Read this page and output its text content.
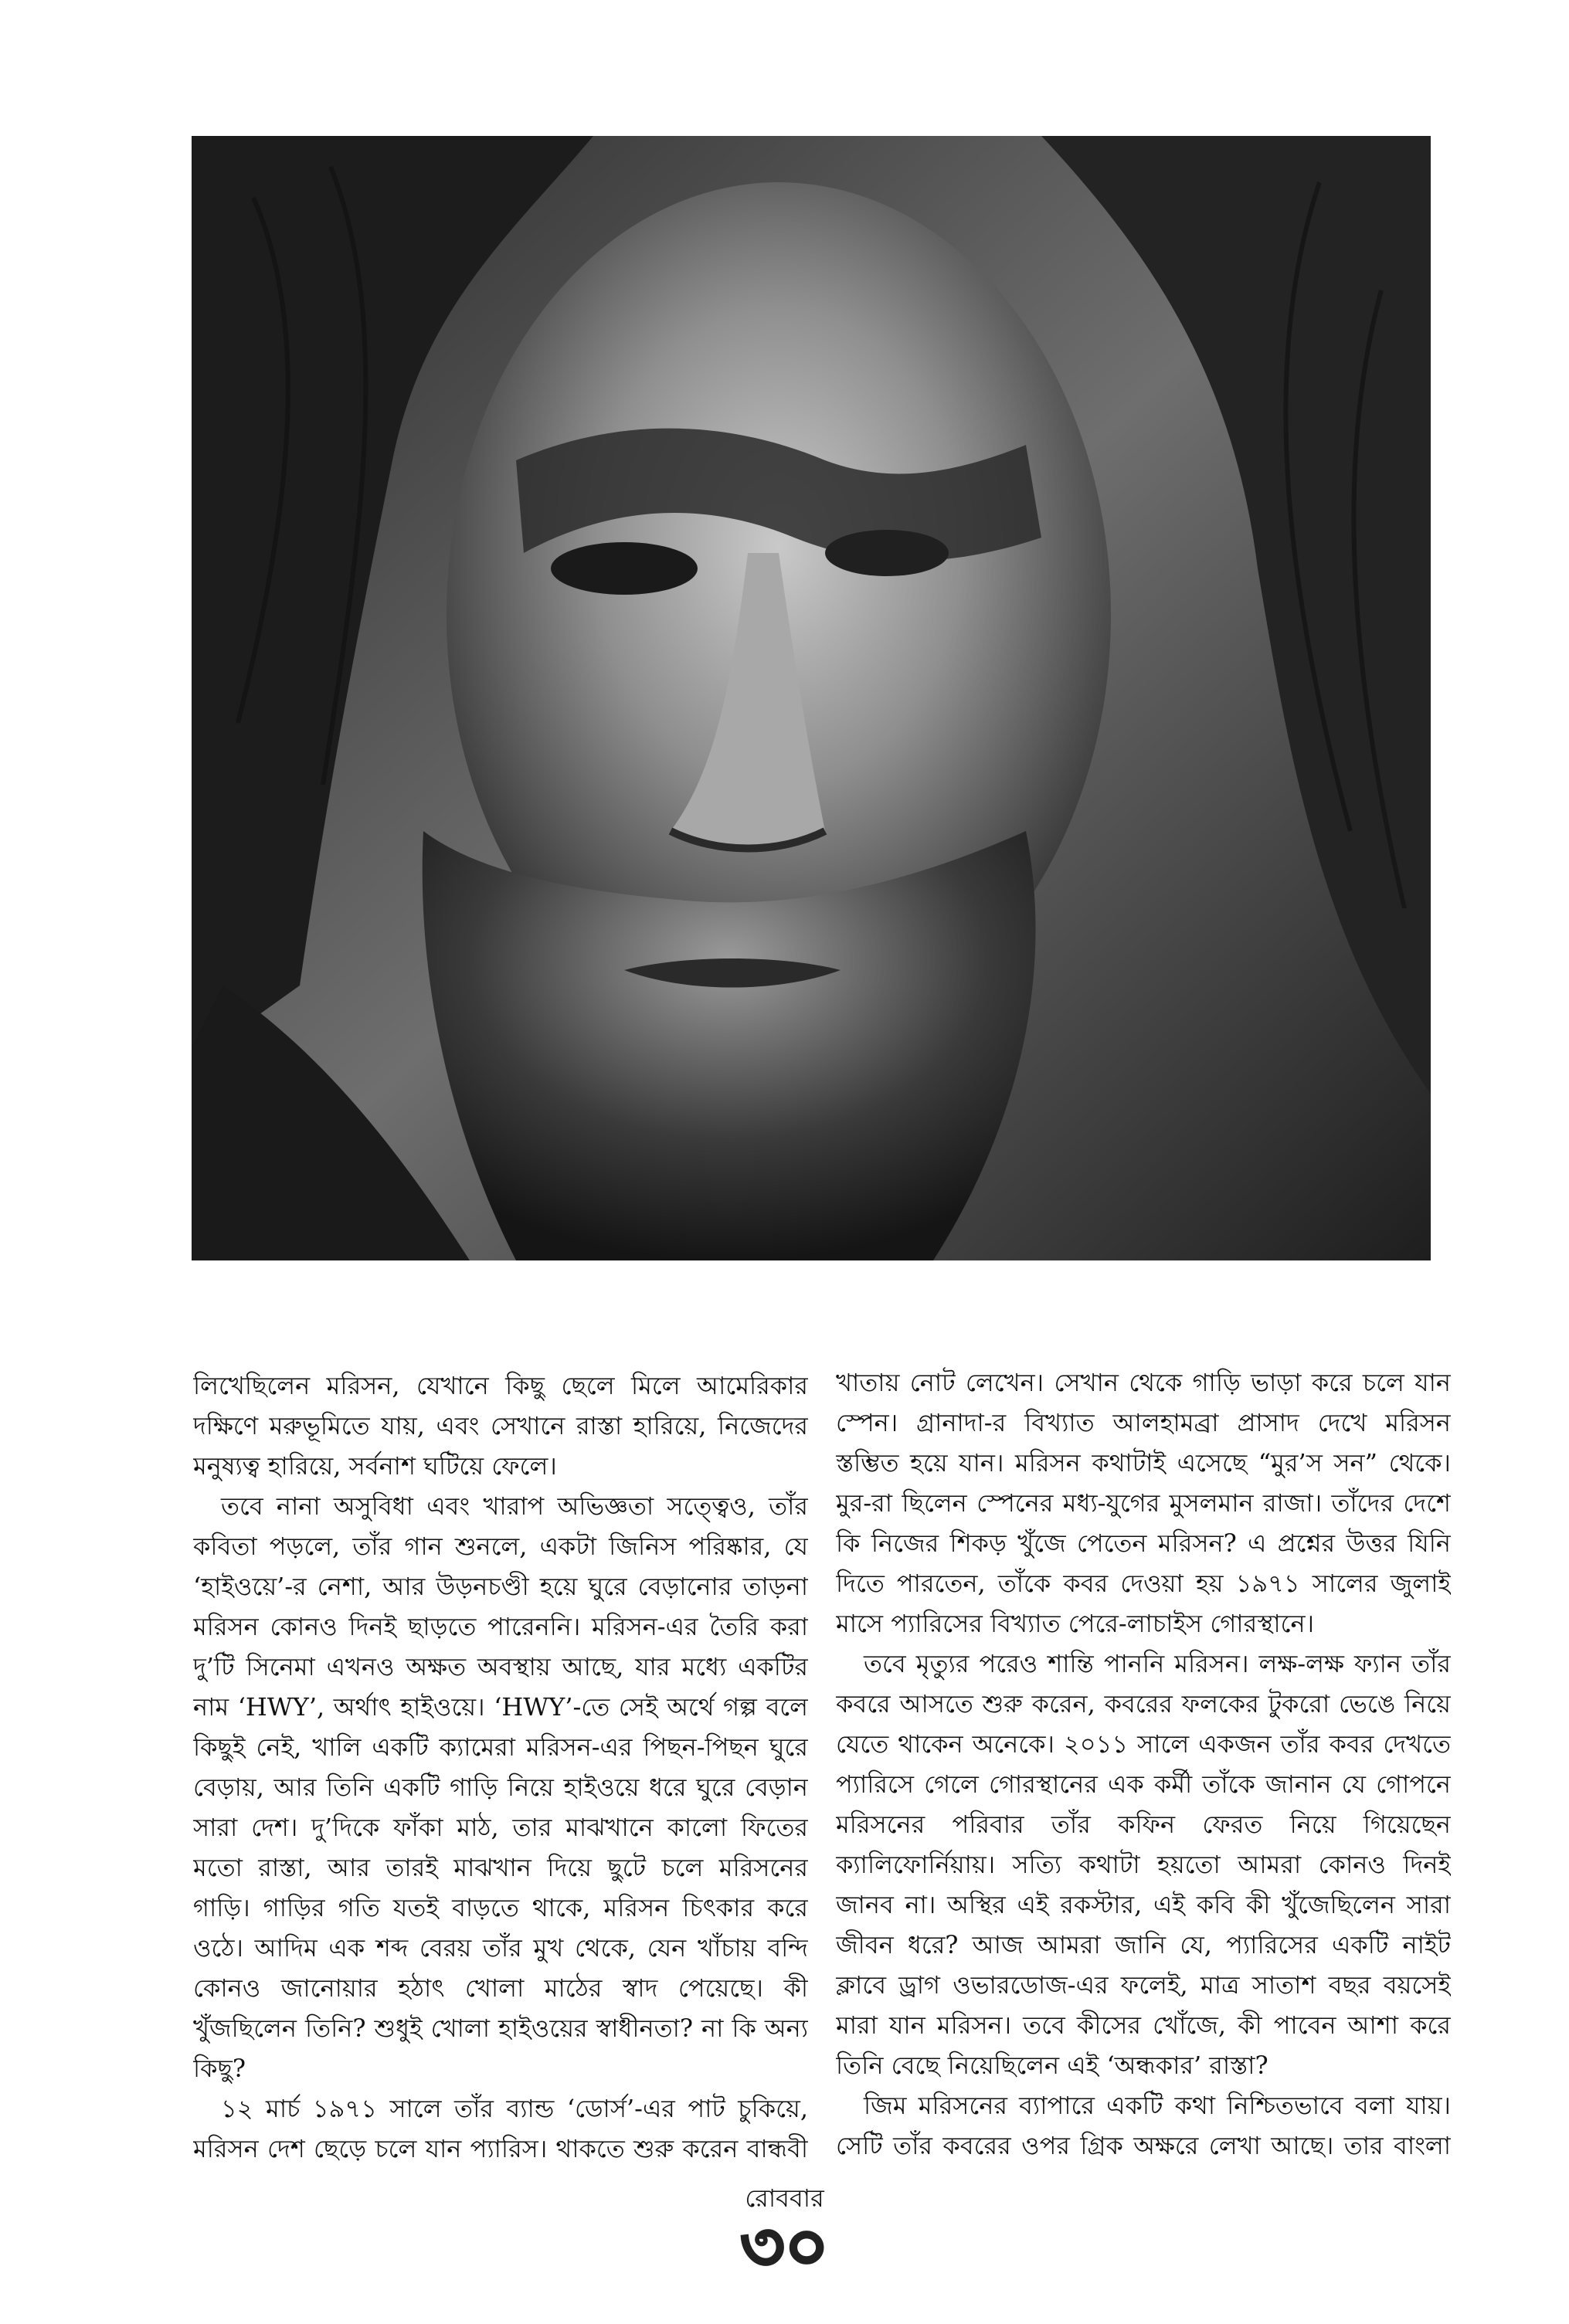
লিখেছিলেন মরিসন, যেখানে কিছু ছেলে মিলে আমেরিকার দক্ষিণে মরুভূমিতে যায়, এবং সেখানে রাস্তা হারিয়ে, নিজেদের মনুষ্যত্ব হারিয়ে, সর্বনাশ ঘটিয়ে ফেলে।

তবে নানা অসুবিধা এবং খারাপ অভিজ্ঞতা সত্ত্বেও, তাঁর কবিতা পড়লে, তাঁর গান শুনলে, একটা জিনিস পরিষ্কার, যে ‘হাইওয়ে’-র নেশা, আর উড়নচণ্ডী হয়ে ঘুরে বেড়ানোর তাড়না মরিসন কোনও দিনই ছাড়তে পারেননি। মরিসন-এর তৈরি করা দু’টি সিনেমা এখনও অক্ষত অবস্থায় আছে, যার মধ্যে একটির নাম ‘HWY’, অর্থাৎ হাইওয়ে। ‘HWY’-তে সেই অর্থে গল্প বলে কিছুই নেই, খালি একটি ক্যামেরা মরিসন-এর পিছন-পিছন ঘুরে বেড়ায়, আর তিনি একটি গাড়ি নিয়ে হাইওয়ে ধরে ঘুরে বেড়ান সারা দেশ। দু’দিকে ফাঁকা মাঠ, তার মাঝখানে কালো ফিতের মতো রাস্তা, আর তারই মাঝখান দিয়ে ছুটে চলে মরিসনের গাড়ি। গাড়ির গতি যতই বাড়তে থাকে, মরিসন চিৎকার করে ওঠে। আদিম এক শব্দ বেরয় তাঁর মুখ থেকে, যেন খাঁচায় বন্দি কোনও জানোয়ার হঠাৎ খোলা মাঠের স্বাদ পেয়েছে। কী খুঁজছিলেন তিনি? শুধুই খোলা হাইওয়ের স্বাধীনতা? না কি অন্য কিছু?

১২ মার্চ ১৯৭১ সালে তাঁর ব্যান্ড ‘ডোর্স’-এর পাট চুকিয়ে, মরিসন দেশ ছেড়ে চলে যান প্যারিস। থাকতে শুরু করেন বান্ধবী

খাতায় নোট লেখেন। সেখান থেকে গাড়ি ভাড়া করে চলে যান স্পেন। গ্রানাদা-র বিখ্যাত আলহামব্রা প্রাসাদ দেখে মরিসন স্তম্ভিত হয়ে যান। মরিসন কথাটাই এসেছে “মুর’স সন” থেকে। মুর-রা ছিলেন স্পেনের মধ্য-যুগের মুসলমান রাজা। তাঁদের দেশে কি নিজের শিকড় খুঁজে পেতেন মরিসন? এ প্রশ্নের উত্তর যিনি দিতে পারতেন, তাঁকে কবর দেওয়া হয় ১৯৭১ সালের জুলাই মাসে প্যারিসের বিখ্যাত পেরে-লাচাইস গোরস্থানে।

তবে মৃত্যুর পরেও শান্তি পাননি মরিসন। লক্ষ-লক্ষ ফ্যান তাঁর কবরে আসতে শুরু করেন, কবরের ফলকের টুকরো ভেঙে নিয়ে যেতে থাকেন অনেকে। ২০১১ সালে একজন তাঁর কবর দেখতে প্যারিসে গেলে গোরস্থানের এক কর্মী তাঁকে জানান যে গোপনে মরিসনের পরিবার তাঁর কফিন ফেরত নিয়ে গিয়েছেন ক্যালিফোর্নিয়ায়। সত্যি কথাটা হয়তো আমরা কোনও দিনই জানব না। অস্থির এই রকস্টার, এই কবি কী খুঁজেছিলেন সারা জীবন ধরে? আজ আমরা জানি যে, প্যারিসের একটি নাইট ক্লাবে ড্রাগ ওভারডোজ-এর ফলেই, মাত্র সাতাশ বছর বয়সেই মারা যান মরিসন। তবে কীসের খোঁজে, কী পাবেন আশা করে তিনি বেছে নিয়েছিলেন এই ‘অন্ধকার’ রাস্তা?

জিম মরিসনের ব্যাপারে একটি কথা নিশ্চিতভাবে বলা যায়। সেটি তাঁর কবরের ওপর গ্রিক অক্ষরে লেখা আছে। তার বাংলা

রোববার
৩০
